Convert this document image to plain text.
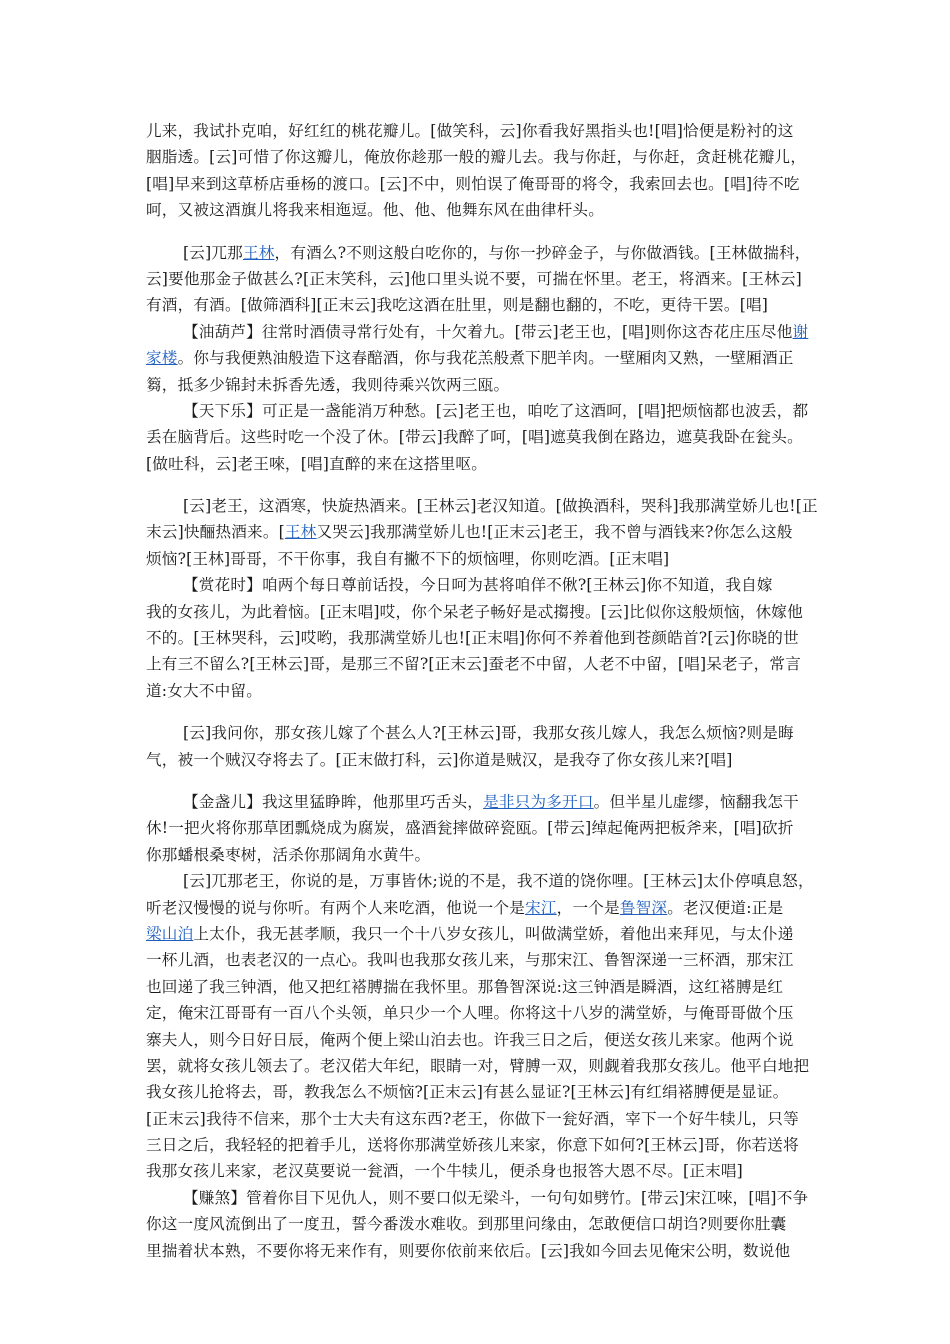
儿来，我试扑克咱，好红红的桃花瓣儿。[做笑科，云]你看我好黑指头也![唱]恰便是粉衬的这
胭脂透。[云]可惜了你这瓣儿，俺放你趁那一般的瓣儿去。我与你赶，与你赶，贪赶桃花瓣儿，
[唱]早来到这草桥店垂杨的渡口。[云]不中，则怕误了俺哥哥的将令，我索回去也。[唱]待不吃
呵，又被这酒旗儿将我来相迤逗。他、他、他舞东风在曲律杆头。
[云]兀那王林，有酒么?不则这般白吃你的，与你一抄碎金子，与你做酒钱。[王林做揣科，
云]要他那金子做甚么?[正末笑科，云]他口里头说不要，可揣在怀里。老王，将酒来。[王林云]
有酒，有酒。[做筛酒科][正末云]我吃这酒在肚里，则是翻也翻的，不吃，更待干罢。[唱]
【油葫芦】往常时酒债寻常行处有，十欠着九。[带云]老王也，[唱]则你这杏花庄压尽他谢
家楼。你与我便熟油般造下这春醅酒，你与我花羔般煮下肥羊肉。一壁厢肉又熟，一壁厢酒正
篘，抵多少锦封未拆香先透，我则待乘兴饮两三瓯。
【天下乐】可正是一盏能消万种愁。[云]老王也，咱吃了这酒呵，[唱]把烦恼都也波丢，都
丢在脑背后。这些时吃一个没了休。[带云]我醉了呵，[唱]遮莫我倒在路边，遮莫我卧在瓮头。
[做吐科，云]老王唻，[唱]直醉的来在这搭里呕。
[云]老王，这酒寒，快旋热酒来。[王林云]老汉知道。[做换酒科，哭科]我那满堂娇儿也![正
末云]快酾热酒来。[王林又哭云]我那满堂娇儿也![正末云]老王，我不曾与酒钱来?你怎么这般
烦恼?[王林]哥哥，不干你事，我自有撇不下的烦恼哩，你则吃酒。[正末唱]
【赏花时】咱两个每日尊前话投，今日呵为甚将咱佯不偢?[王林云]你不知道，我自嫁
我的女孩儿，为此着恼。[正末唱]哎，你个呆老子畅好是忒搊搜。[云]比似你这般烦恼，休嫁他
不的。[王林哭科，云]哎哟，我那满堂娇儿也![正末唱]你何不养着他到苍颜皓首?[云]你晓的世
上有三不留么?[王林云]哥，是那三不留?[正末云]蚕老不中留，人老不中留，[唱]呆老子，常言
道:女大不中留。
[云]我问你，那女孩儿嫁了个甚么人?[王林云]哥，我那女孩儿嫁人，我怎么烦恼?则是晦
气，被一个贼汉夺将去了。[正末做打科，云]你道是贼汉，是我夺了你女孩儿来?[唱]
【金盏儿】我这里猛睁眸，他那里巧舌头，是非只为多开口。但半星儿虚缪，恼翻我怎干
休!一把火将你那草团瓢烧成为腐炭，盛酒瓮摔做碎瓷瓯。[带云]绰起俺两把板斧来，[唱]砍折
你那蟠根桑枣树，活杀你那阔角水黄牛。
[云]兀那老王，你说的是，万事皆休;说的不是，我不道的饶你哩。[王林云]太仆停嗔息怒，
听老汉慢慢的说与你听。有两个人来吃酒，他说一个是宋江，一个是鲁智深。老汉便道:正是
梁山泊上太仆，我无甚孝顺，我只一个十八岁女孩儿，叫做满堂娇，着他出来拜见，与太仆递
一杯儿酒，也表老汉的一点心。我叫也我那女孩儿来，与那宋江、鲁智深递一三杯酒，那宋江
也回递了我三钟酒，他又把红褡膊揣在我怀里。那鲁智深说:这三钟酒是瞬酒，这红褡膊是红
定，俺宋江哥哥有一百八个头领，单只少一个人哩。你将这十八岁的满堂娇，与俺哥哥做个压
寨夫人，则今日好日辰，俺两个便上梁山泊去也。许我三日之后，便送女孩儿来家。他两个说
罢，就将女孩儿领去了。老汉偌大年纪，眼睛一对，臂膊一双，则觑着我那女孩儿。他平白地把
我女孩儿抢将去，哥，教我怎么不烦恼?[正末云]有甚么显证?[王林云]有红绢褡膊便是显证。
[正末云]我待不信来，那个士大夫有这东西?老王，你做下一瓮好酒，宰下一个好牛犊儿，只等
三日之后，我轻轻的把着手儿，送将你那满堂娇孩儿来家，你意下如何?[王林云]哥，你若送将
我那女孩儿来家，老汉莫要说一瓮酒，一个牛犊儿，便杀身也报答大恩不尽。[正末唱]
【赚煞】管着你目下见仇人，则不要口似无梁斗，一句句如劈竹。[带云]宋江唻，[唱]不争
你这一度风流倒出了一度丑，誓今番泼水难收。到那里问缘由，怎敢便信口胡诌?则要你肚囊
里揣着状本熟，不要你将无来作有，则要你依前来依后。[云]我如今回去见俺宋公明，数说他
